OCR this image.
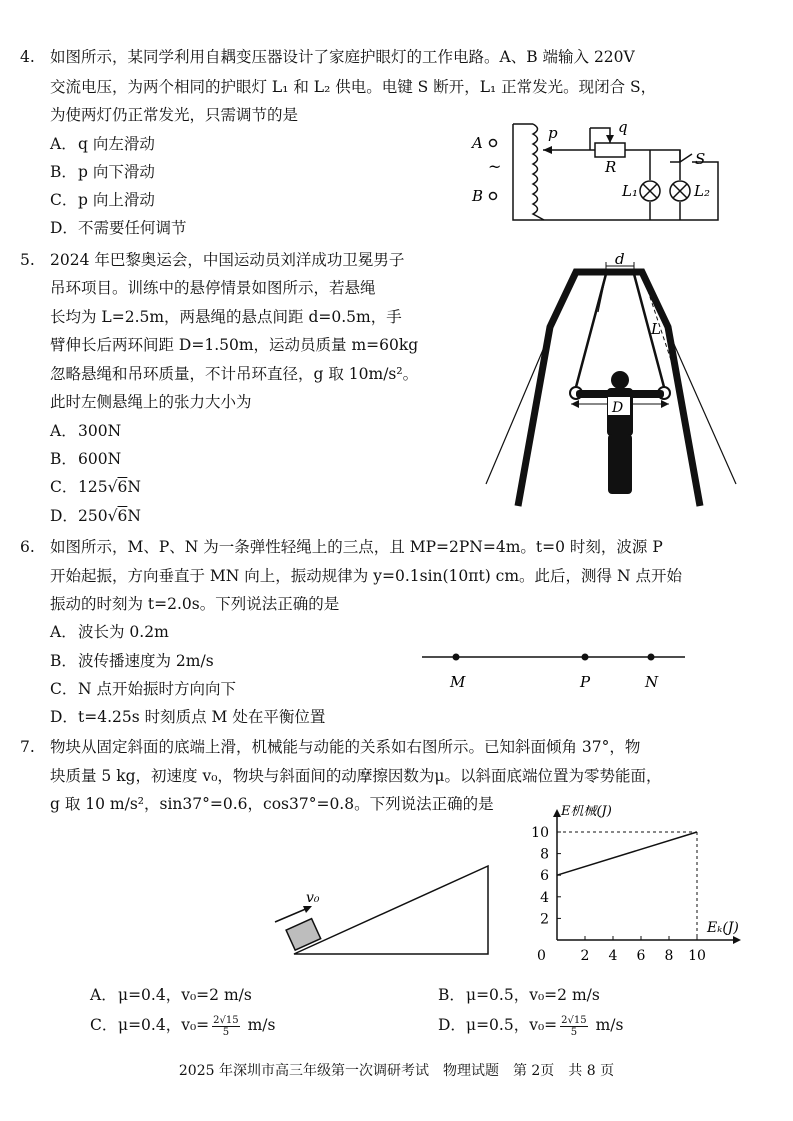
4. 如图所示，某同学利用自耦变压器设计了家庭护眼灯的工作电路。A、B 端输入 220V
交流电压，为两个相同的护眼灯 L₁ 和 L₂ 供电。电键 S 断开，L₁ 正常发光。现闭合 S，
为使两灯仍正常发光，只需调节的是
A．q 向左滑动
B．p 向下滑动
C．p 向上滑动
D．不需要任何调节
A
B
~
p	q
R	S
L₁	L₂
5. 2024 年巴黎奥运会，中国运动员刘洋成功卫冕男子
吊环项目。训练中的悬停情景如图所示，若悬绳
长均为 L=2.5m，两悬绳的悬点间距 d=0.5m，手
臂伸长后两环间距 D=1.50m，运动员质量 m=60kg
忽略悬绳和吊环质量，不计吊环直径，g 取 10m/s²。
此时左侧悬绳上的张力大小为
A．300N
B．600N
C．125√6N
D．250√6N
d
L
D
6. 如图所示，M、P、N 为一条弹性轻绳上的三点，且 MP=2PN=4m。t=0 时刻，波源 P
开始起振，方向垂直于 MN 向上，振动规律为 y=0.1sin(10πt) cm。此后，测得 N 点开始
振动的时刻为 t=2.0s。下列说法正确的是
A．波长为 0.2m
B．波传播速度为 2m/s
C．N 点开始振时方向向下
D．t=4.25s 时刻质点 M 处在平衡位置
M	P	N
7. 物块从固定斜面的底端上滑，机械能与动能的关系如右图所示。已知斜面倾角 37°，物
块质量 5 kg，初速度 v₀，物块与斜面间的动摩擦因数为μ。以斜面底端位置为零势能面，
g 取 10 m/s²，sin37°=0.6，cos37°=0.8。下列说法正确的是
v₀
Eₖ(J)
E机械(J)
0 2 4 6 8 10
2
4
6
8
10
A．μ=0.4，v₀=2 m/s	B．μ=0.5，v₀=2 m/s
C．μ=0.4，$v_0= \frac{2√15}{5} m/s$	D．μ=0.5，$v_0= \frac{2√15}{5} m/s$
2025 年深圳市高三年级第一次调研考试　物理试题　第 2页　共 8 页
